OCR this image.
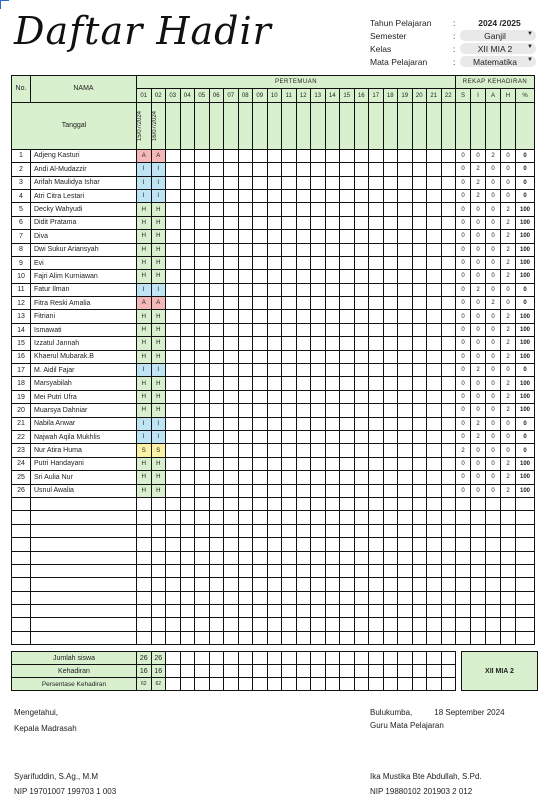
Daftar Hadir	Tahun Pelajaran	:	2024 /2025
Semester	:	Ganjil	▼
Kelas	:	XII MIA 2	▼
Mata Pelajaran	:	Matematika	▼
No.	NAMA	PERTEMUAN																						REKAP KEHADIRAN				
		01	02	03	04	05	06	07	08	09	10	11	12	13	14	15	16	17	18	19	20	21	22	S	I	A	H	%
Tanggal		15/07/2024	16/07/2024																									

1	Adjeng Kasturi	A	A																					0	0	2	0	0
2	Andi Al-Mudazzir	I	I																					0	2	0	0	0
3	Arifah Maulidya Ishar	I	I																					0	2	0	0	0
4	Atri Citra Lestari	I	I																					0	2	0	0	0
5	Decky Wahyudi	H	H																					0	0	0	2	100
6	Didit Pratama	H	H																					0	0	0	2	100
7	Diva	H	H																					0	0	0	2	100
8	Dwi Sukur Ariansyah	H	H																					0	0	0	2	100
9	Evi	H	H																					0	0	0	2	100
10	Fajri Alim Kurniawan	H	H																					0	0	0	2	100
11	Fatur Ilman	I	I																					0	2	0	0	0
12	Fitra Reski Amalia	A	A																					0	0	2	0	0
13	Fitriani	H	H																					0	0	0	2	100
14	Ismawati	H	H																					0	0	0	2	100
15	Izzatul Jannah	H	H																					0	0	0	2	100
16	Khaerul Mubarak.B	H	H																					0	0	0	2	100
17	M. Aidil Fajar	I	I																					0	2	0	0	0
18	Marsyabilah	H	H																					0	0	0	2	100
19	Mei Putri Ufra	H	H																					0	0	0	2	100
20	Muarsya Dahniar	H	H																					0	0	0	2	100
21	Nabila Anwar	I	I																					0	2	0	0	0
22	Najwah Aqila Mukhlis	I	I																					0	2	0	0	0
23	Nur Atira Huma	S	S																					2	0	0	0	0
24	Putri Handayani	H	H																					0	0	0	2	100
25	Sri Aulia Nur	H	H																					0	0	0	2	100
26	Usnul Awalia	H	H																					0	0	0	2	100

Jumlah siswa	26	26																						XII MIA 2
Kehadiran	16	16																						
Persentase Kehadiran	62	62																						
Mengetahui,
Kepala Madrasah
Syarifuddin, S.Ag., M.M
NIP 19701007 199703 1 003
Bulukumba,	18 September 2024
Guru Mata Pelajaran
Ika Mustika Bte Abdullah, S.Pd.
NIP 19880102 201903 2 012
